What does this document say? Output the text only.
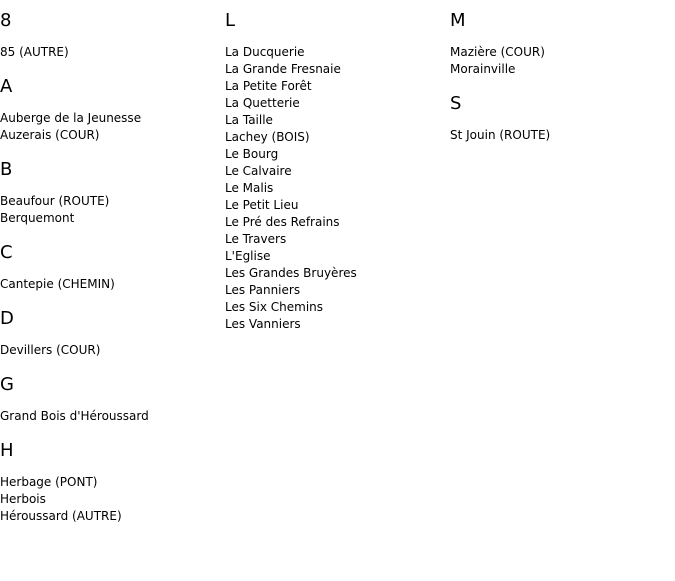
8
85 (AUTRE)
A
Auberge de la Jeunesse
Auzerais (COUR)
B
Beaufour (ROUTE)
Berquemont
C
Cantepie (CHEMIN)
D
Devillers (COUR)
G
Grand Bois d'Héroussard
H
Herbage (PONT)
Herbois
Héroussard (AUTRE)
L
La Ducquerie
La Grande Fresnaie
La Petite Forêt
La Quetterie
La Taille
Lachey (BOIS)
Le Bourg
Le Calvaire
Le Malis
Le Petit Lieu
Le Pré des Refrains
Le Travers
L'Eglise
Les Grandes Bruyères
Les Panniers
Les Six Chemins
Les Vanniers
M
Mazière (COUR)
Morainville
S
St Jouin (ROUTE)
